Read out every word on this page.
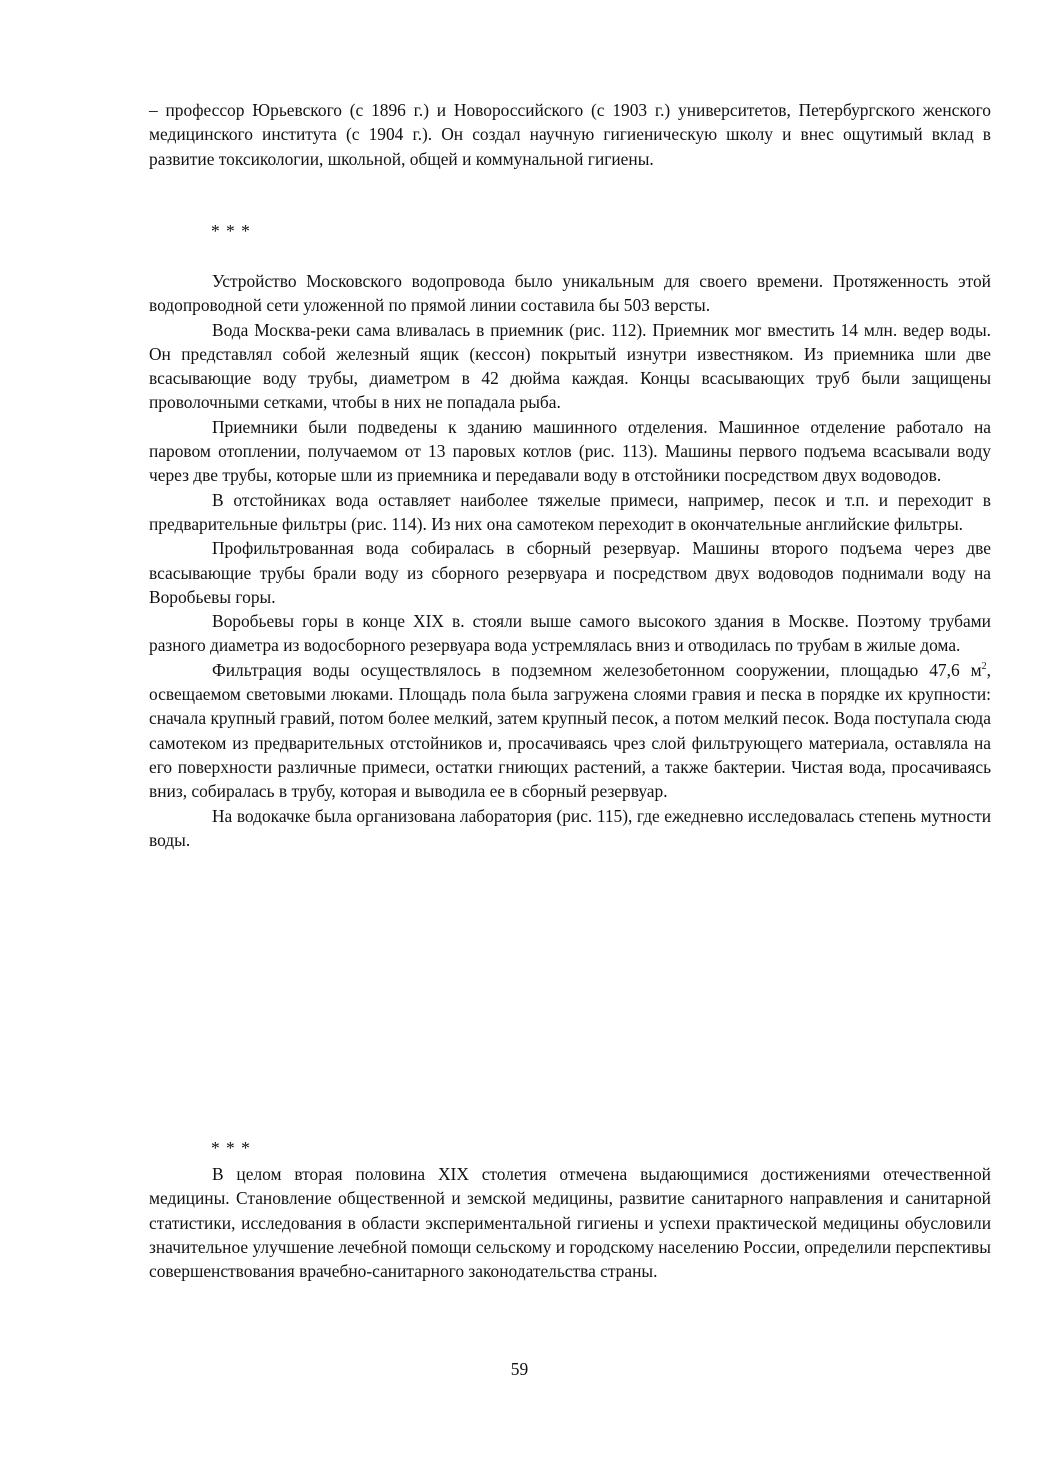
– профессор Юрьевского (с 1896 г.) и Новороссийского (с 1903 г.) университетов, Петербургского женского медицинского института (с 1904 г.). Он создал научную гигиеническую школу и внес ощутимый вклад в развитие токсикологии, школьной, общей и коммунальной гигиены.

* * *

Устройство Московского водопровода было уникальным для своего времени. Протяженность этой водопроводной сети уложенной по прямой линии составила бы 503 версты.

Вода Москва-реки сама вливалась в приемник (рис. 112). Приемник мог вместить 14 млн. ведер воды. Он представлял собой железный ящик (кессон) покрытый изнутри известняком. Из приемника шли две всасывающие воду трубы, диаметром в 42 дюйма каждая. Концы всасывающих труб были защищены проволочными сетками, чтобы в них не попадала рыба.

Приемники были подведены к зданию машинного отделения. Машинное отделение работало на паровом отоплении, получаемом от 13 паровых котлов (рис. 113). Машины первого подъема всасывали воду через две трубы, которые шли из приемника и передавали воду в отстойники посредством двух водоводов.

В отстойниках вода оставляет наиболее тяжелые примеси, например, песок и т.п. и переходит в предварительные фильтры (рис. 114). Из них она самотеком переходит в окончательные английские фильтры.

Профильтрованная вода собиралась в сборный резервуар. Машины второго подъема через две всасывающие трубы брали воду из сборного резервуара и посредством двух водоводов поднимали воду на Воробьевы горы.

Воробьевы горы в конце XIX в. стояли выше самого высокого здания в Москве. Поэтому трубами разного диаметра из водосборного резервуара вода устремлялась вниз и отводилась по трубам в жилые дома.

Фильтрация воды осуществлялось в подземном железобетонном сооружении, площадью 47,6 $м^2$, освещаемом световыми люками. Площадь пола была загружена слоями гравия и песка в порядке их крупности: сначала крупный гравий, потом более мелкий, затем крупный песок, а потом мелкий песок. Вода поступала сюда самотеком из предварительных отстойников и, просачиваясь чрез слой фильтрующего материала, оставляла на его поверхности различные примеси, остатки гниющих растений, а также бактерии. Чистая вода, просачиваясь вниз, собиралась в трубу, которая и выводила ее в сборный резервуар.

На водокачке была организована лаборатория (рис. 115), где ежедневно исследовалась степень мутности воды.

* * *

В целом вторая половина XIX столетия отмечена выдающимися достижениями отечественной медицины. Становление общественной и земской медицины, развитие санитарного направления и санитарной статистики, исследования в области экспериментальной гигиены и успехи практической медицины обусловили значительное улучшение лечебной помощи сельскому и городскому населению России, определили перспективы совершенствования врачебно-санитарного законодательства страны.

59
